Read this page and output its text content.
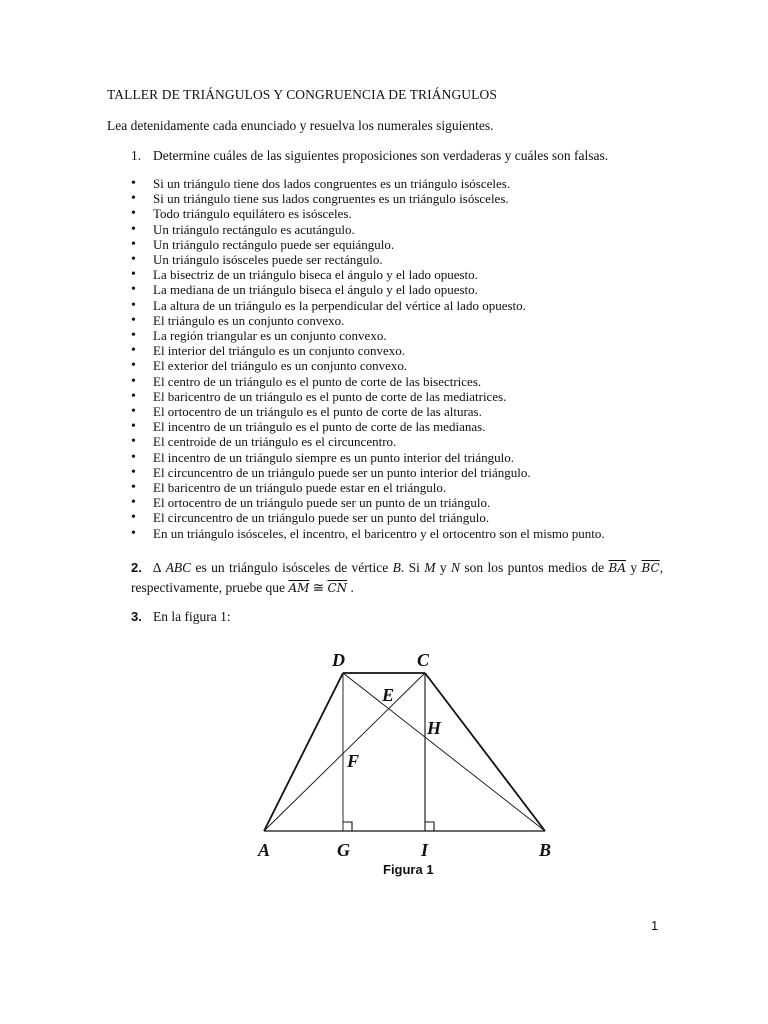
TALLER DE TRIÁNGULOS Y CONGRUENCIA DE TRIÁNGULOS
Lea detenidamente cada enunciado y resuelva los numerales siguientes.
1. Determine cuáles de las siguientes proposiciones son verdaderas y cuáles son falsas.
• Si un triángulo tiene dos lados congruentes es un triángulo isósceles.
• Si un triángulo tiene sus lados congruentes es un triángulo isósceles.
• Todo triángulo equilátero es isósceles.
• Un triángulo rectángulo es acutángulo.
• Un triángulo rectángulo puede ser equiángulo.
• Un triángulo isósceles puede ser rectángulo.
• La bisectriz de un triángulo biseca el ángulo y el lado opuesto.
• La mediana de un triángulo biseca el ángulo y el lado opuesto.
• La altura de un triángulo es la perpendicular del vértice al lado opuesto.
• El triángulo es un conjunto convexo.
• La región triangular es un conjunto convexo.
• El interior del triángulo es un conjunto convexo.
• El exterior del triángulo es un conjunto convexo.
• El centro de un triángulo es el punto de corte de las bisectrices.
• El baricentro de un triángulo es el punto de corte de las mediatrices.
• El ortocentro de un triángulo es el punto de corte de las alturas.
• El incentro de un triángulo es el punto de corte de las medianas.
• El centroide de un triángulo es el circuncentro.
• El incentro de un triángulo siempre es un punto interior del triángulo.
• El circuncentro de un triángulo puede ser un punto interior del triángulo.
• El baricentro de un triángulo puede estar en el triángulo.
• El ortocentro de un triángulo puede ser un punto de un triángulo.
• El circuncentro de un triángulo puede ser un punto del triángulo.
• En un triángulo isósceles, el incentro, el baricentro y el ortocentro son el mismo punto.
2. ∆ ABC es un triángulo isósceles de vértice B. Si M y N son los puntos medios de $\overline{BA}$ y $\overline{BC}$, respectivamente, pruebe que $\overline{AM}$ ≅ $\overline{CN}$ .
3. En la figura 1:
D	C
E
H
F
A	G	I	B
Figura 1
1
